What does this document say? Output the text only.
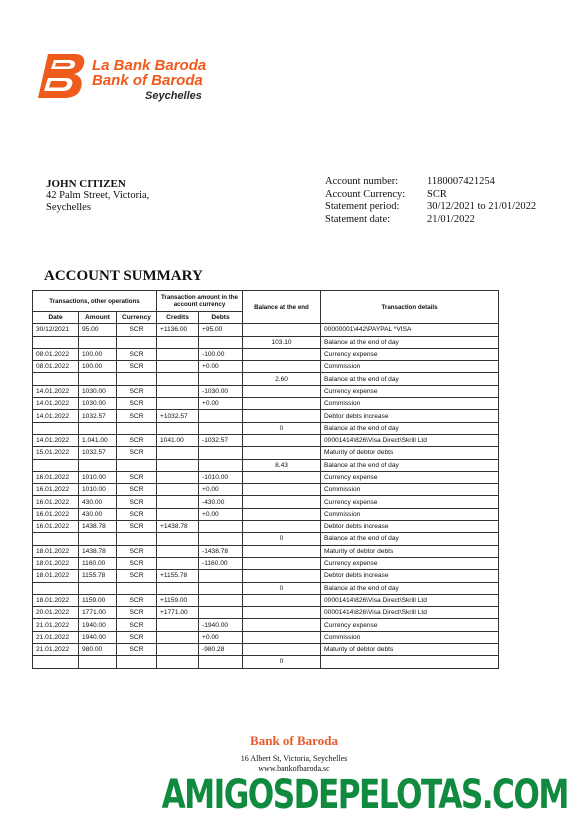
La Bank Baroda
Bank of Baroda
Seychelles
JOHN CITIZEN
42 Palm Street, Victoria,
Seychelles
Account number:	1180007421254
Account Currency:	SCR
Statement period:	30/12/2021 to 21/01/2022
Statement date:	21/01/2022
ACCOUNT SUMMARY
Transactions, other operations			Transaction amount in the account currency		Balance at the end	Transaction details
Date	Amount	Currency	Credits	Debts		
30/12/2021	95.00	SCR	+1136.00	+95.00		00000001\442\PAYPAL *VISA
					103.10	Balance at the end of day
08.01.2022	100.00	SCR		-100.00		Currency expense
08.01.2022	100.00	SCR		+0.00		Commission
					2.60	Balance at the end of day
14.01.2022	1030.00	SCR		-1030.00		Currency expense
14.01.2022	1030.00	SCR		+0.00		Commission
14.01.2022	1032.57	SCR	+1032.57			Debtor debts increase
					0	Balance at the end of day
14.01.2022	1.041.00	SCR	1041.00	-1032.57		00001414\826\Visa Direct\Skrill Ltd
15.01.2022	1032.57	SCR				Maturity of debtor debts
					8.43	Balance at the end of day
16.01.2022	1010.00	SCR		-1010.00		Currency expense
16.01.2022	1010.00	SCR		+0.00		Commission
16.01.2022	430.00	SCR		-430.00		Currency expense
16.01.2022	430.00	SCR		+0.00		Commission
16.01.2022	1438.78	SCR	+1438.78			Debtor debts increase
					0	Balance at the end of day
18.01.2022	1438.78	SCR		-1438.78		Maturity of debtor debts
18.01.2022	1160.00	SCR		-1160.00		Currency expense
18.01.2022	1155.78	SCR	+1155.78			Debtor debts increase
					0	Balance at the end of day
18.01.2022	1159.00	SCR	+1159.00			00001414\826\Visa Direct\Skrill Ltd
20.01.2022	1771.00	SCR	+1771.00			00001414\826\Visa Direct\Skrill Ltd
21.01.2022	1940.00	SCR		-1940.00		Currency expense
21.01.2022	1940.00	SCR		+0.00		Commission
21.01.2022	980.00	SCR		-980.28		Maturity of debtor debts
					0	
Bank of Baroda
16 Albert St, Victoria, Seychelles
www.bankofbaroda.sc
AMIGOSDEPELOTAS.COM
